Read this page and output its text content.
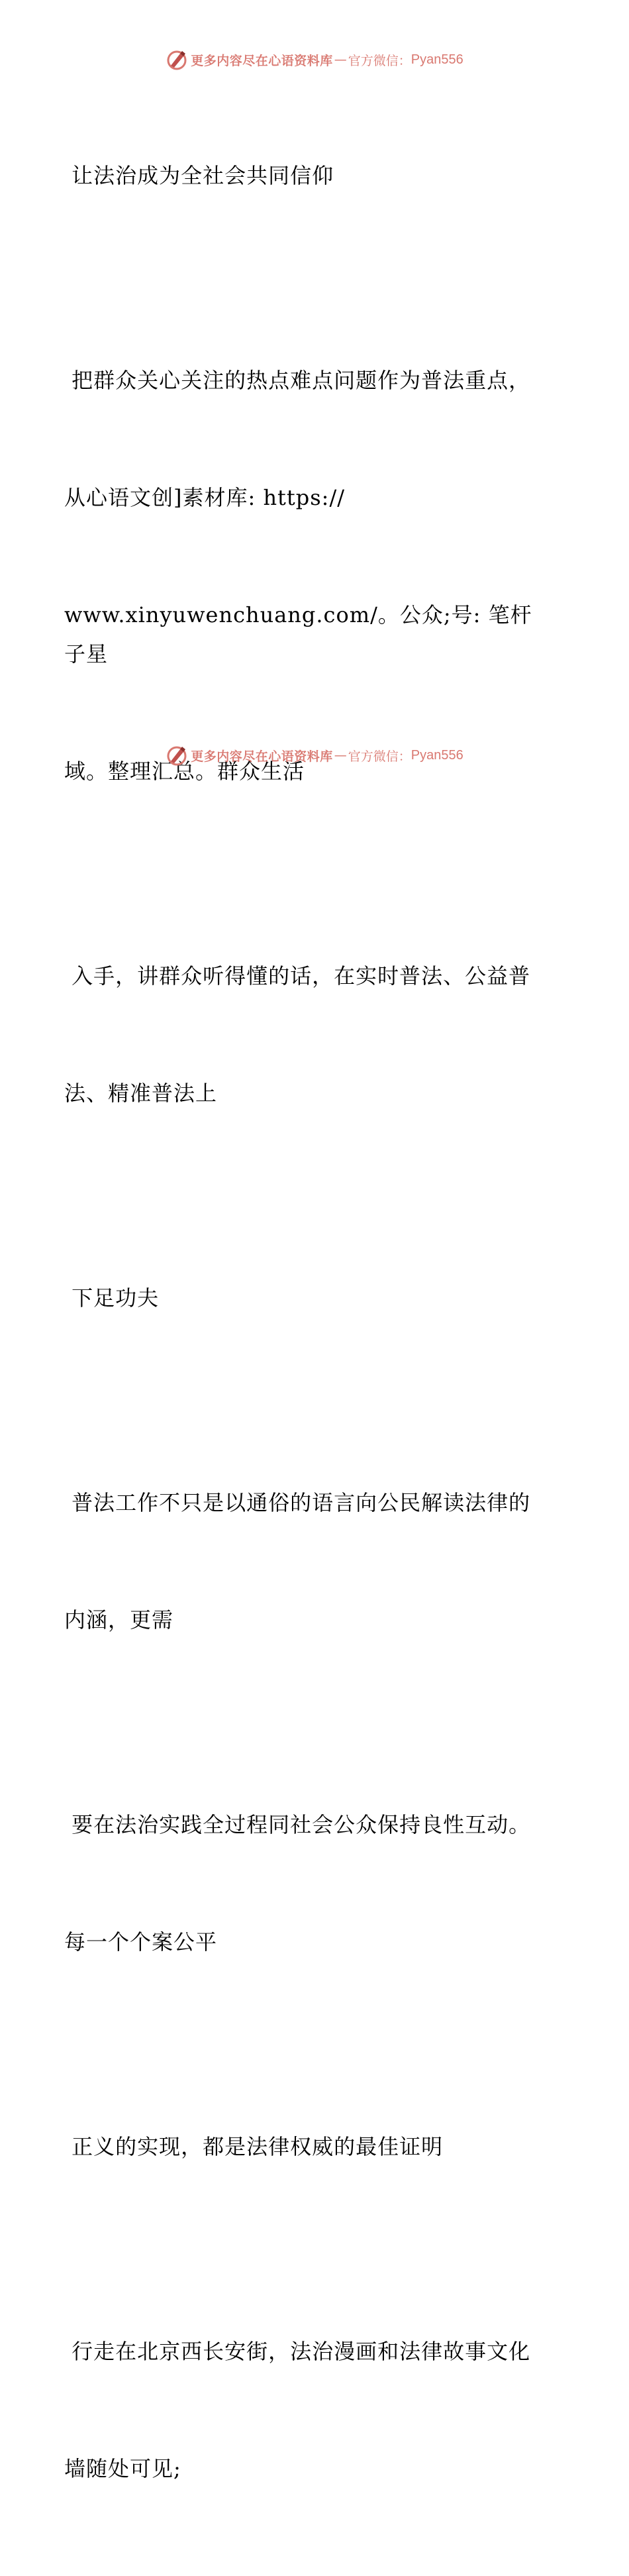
更多内容尽在心语资料库 — 官方微信： Pyan556

让法治成为全社会共同信仰

把群众关心关注的热点难点问题作为普法重点，

从心语文创]素材库: https://

www.xinyuwenchuang.com/。公众;号: 笔杆子星

域。整理汇总。群众生活

入手，讲群众听得懂的话，在实时普法、公益普

法、精准普法上

下足功夫

普法工作不只是以通俗的语言向公民解读法律的

内涵，更需

要在法治实践全过程同社会公众保持良性互动。

每一个个案公平

正义的实现，都是法律权威的最佳证明

行走在北京西长安街，法治漫画和法律故事文化

墙随处可见;

更多内容尽在心语资料库 — 官方微信： Pyan556
